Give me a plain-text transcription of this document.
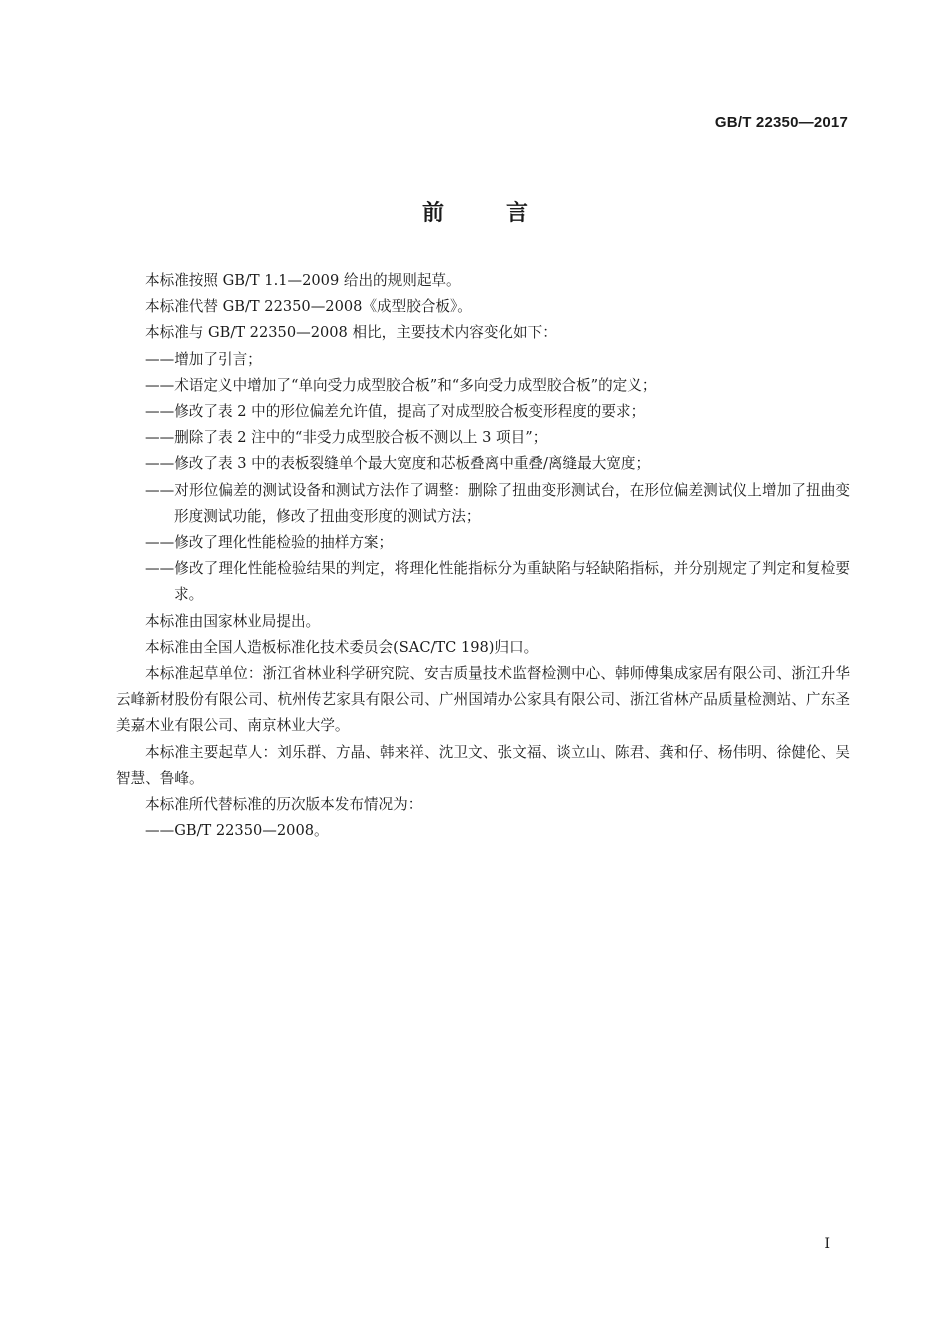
GB/T 22350—2017
前言

本标准按照 GB/T 1.1—2009 给出的规则起草。

本标准代替 GB/T 22350—2008《成型胶合板》。

本标准与 GB/T 22350—2008 相比，主要技术内容变化如下：

——增加了引言；

——术语定义中增加了“单向受力成型胶合板”和“多向受力成型胶合板”的定义；

——修改了表 2 中的形位偏差允许值，提高了对成型胶合板变形程度的要求；

——删除了表 2 注中的“非受力成型胶合板不测以上 3 项目”；

——修改了表 3 中的表板裂缝单个最大宽度和芯板叠离中重叠/离缝最大宽度；

——对形位偏差的测试设备和测试方法作了调整：删除了扭曲变形测试台，在形位偏差测试仪上增加了扭曲变形度测试功能，修改了扭曲变形度的测试方法；

——修改了理化性能检验的抽样方案；

——修改了理化性能检验结果的判定，将理化性能指标分为重缺陷与轻缺陷指标，并分别规定了判定和复检要求。

本标准由国家林业局提出。

本标准由全国人造板标准化技术委员会(SAC/TC 198)归口。

本标准起草单位：浙江省林业科学研究院、安吉质量技术监督检测中心、韩师傅集成家居有限公司、浙江升华云峰新材股份有限公司、杭州传艺家具有限公司、广州国靖办公家具有限公司、浙江省林产品质量检测站、广东圣美嘉木业有限公司、南京林业大学。

本标准主要起草人：刘乐群、方晶、韩来祥、沈卫文、张文福、谈立山、陈君、龚和仔、杨伟明、徐健伦、吴智慧、鲁峰。

本标准所代替标准的历次版本发布情况为：

——GB/T 22350—2008。

I
